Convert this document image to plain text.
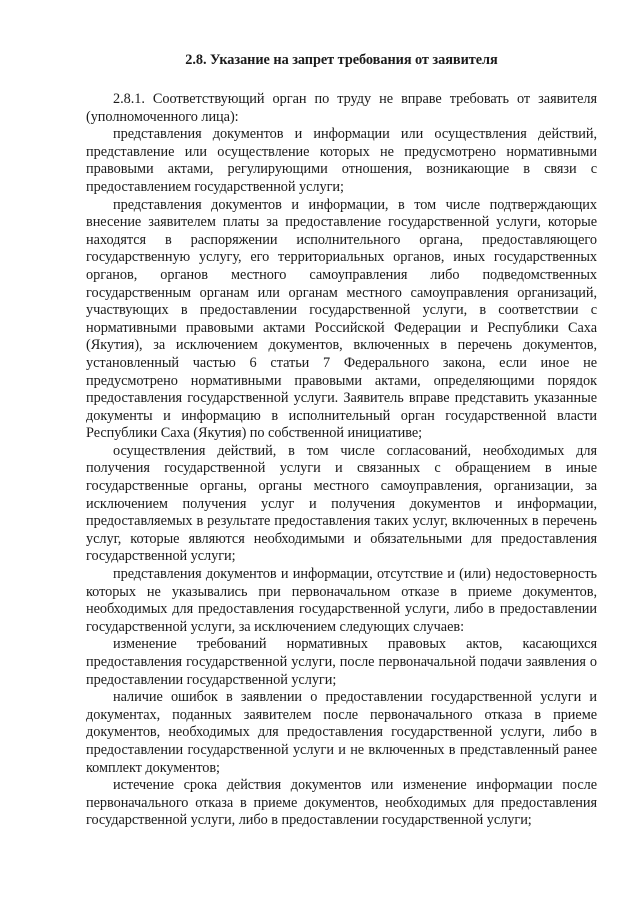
2.8. Указание на запрет требования от заявителя

2.8.1. Соответствующий орган по труду не вправе требовать от заявителя (уполномоченного лица):

представления документов и информации или осуществления действий, представление или осуществление которых не предусмотрено нормативными правовыми актами, регулирующими отношения, возникающие в связи с предоставлением государственной услуги;

представления документов и информации, в том числе подтверждающих внесение заявителем платы за предоставление государственной услуги, которые находятся в распоряжении исполнительного органа, предоставляющего государственную услугу, его территориальных органов, иных государственных органов, органов местного самоуправления либо подведомственных государственным органам или органам местного самоуправления организаций, участвующих в предоставлении государственной услуги, в соответствии с нормативными правовыми актами Российской Федерации и Республики Саха (Якутия), за исключением документов, включенных в перечень документов, установленный частью 6 статьи 7 Федерального закона, если иное не предусмотрено нормативными правовыми актами, определяющими порядок предоставления государственной услуги. Заявитель вправе представить указанные документы и информацию в исполнительный орган государственной власти Республики Саха (Якутия) по собственной инициативе;

осуществления действий, в том числе согласований, необходимых для получения государственной услуги и связанных с обращением в иные государственные органы, органы местного самоуправления, организации, за исключением получения услуг и получения документов и информации, предоставляемых в результате предоставления таких услуг, включенных в перечень услуг, которые являются необходимыми и обязательными для предоставления государственной услуги;

представления документов и информации, отсутствие и (или) недостоверность которых не указывались при первоначальном отказе в приеме документов, необходимых для предоставления государственной услуги, либо в предоставлении государственной услуги, за исключением следующих случаев:

изменение требований нормативных правовых актов, касающихся предоставления государственной услуги, после первоначальной подачи заявления о предоставлении государственной услуги;

наличие ошибок в заявлении о предоставлении государственной услуги и документах, поданных заявителем после первоначального отказа в приеме документов, необходимых для предоставления государственной услуги, либо в предоставлении государственной услуги и не включенных в представленный ранее комплект документов;

истечение срока действия документов или изменение информации после первоначального отказа в приеме документов, необходимых для предоставления государственной услуги, либо в предоставлении государственной услуги;
